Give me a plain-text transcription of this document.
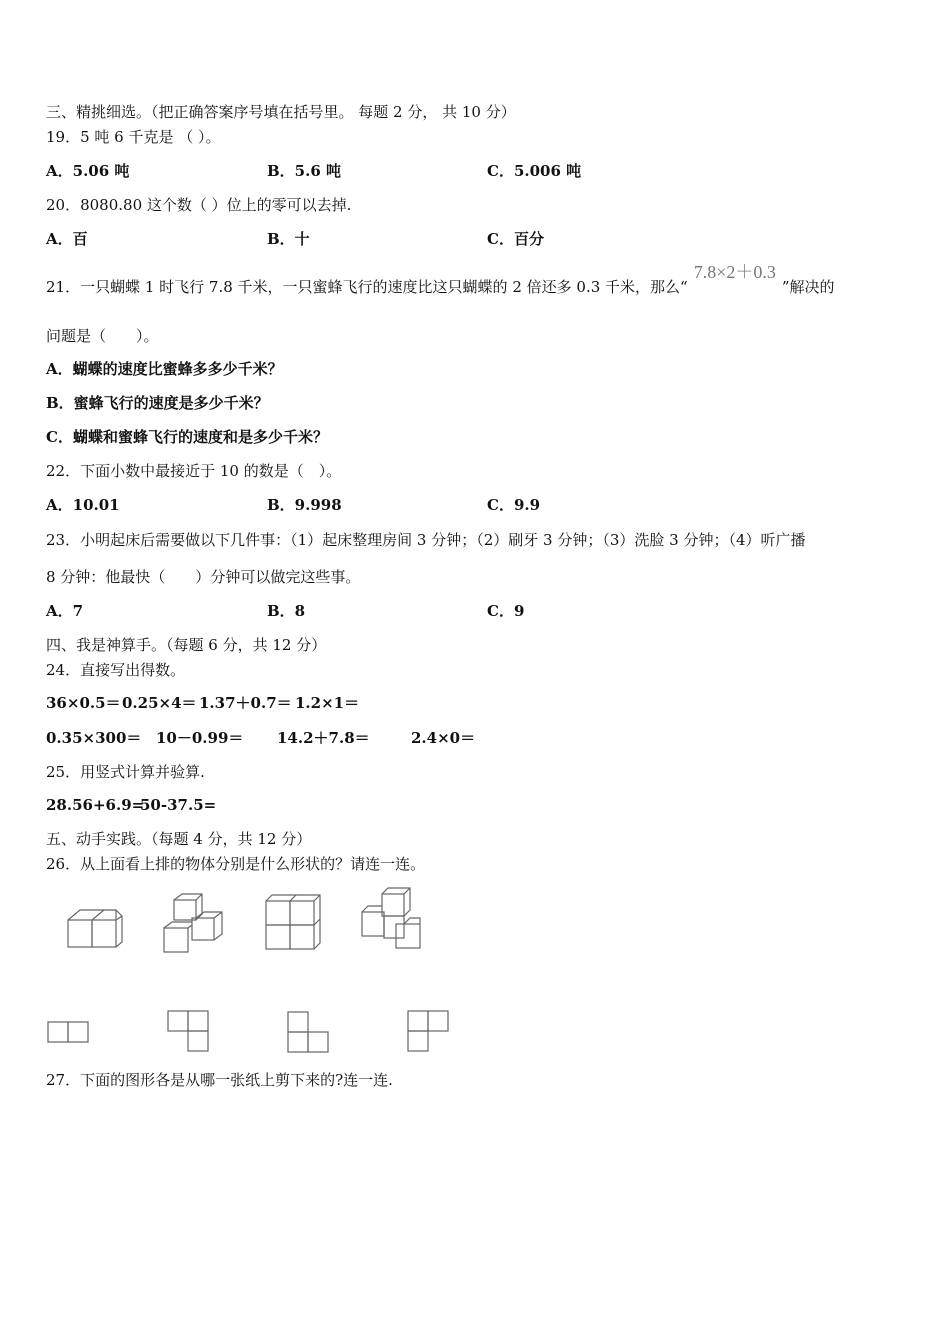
三、精挑细选。（把正确答案序号填在括号里。 每题 2 分， 共 10 分）
19．5 吨 6 千克是 （ ）。
A．5.06 吨	B．5.6 吨	C．5.006 吨
20．8080.80 这个数（ ）位上的零可以去掉.
A．百	B．十	C．百分
21．一只蝴蝶 1 时飞行 7.8 千米，一只蜜蜂飞行的速度比这只蝴蝶的 2 倍还多 0.3 千米，那么“7.8×2＋0.3”解决的
问题是（　　）。
A．蝴蝶的速度比蜜蜂多多少千米？
B．蜜蜂飞行的速度是多少千米？
C．蝴蝶和蜜蜂飞行的速度和是多少千米？
22．下面小数中最接近于 10 的数是（　）。
A．10.01	B．9.998	C．9.9
23．小明起床后需要做以下几件事：（1）起床整理房间 3 分钟；（2）刷牙 3 分钟；（3）洗脸 3 分钟；（4）听广播
8 分钟：他最快（　　）分钟可以做完这些事。
A．7	B．8	C．9
四、我是神算手。（每题 6 分，共 12 分）
24．直接写出得数。
36×0.5＝ 0.25×4＝ 1.37＋0.7＝ 1.2×1＝
0.35×300＝ 10－0.99＝ 14.2＋7.8＝	2.4×0＝
25．用竖式计算并验算.
28.56+6.9=
50-37.5=
五、动手实践。（每题 4 分，共 12 分）
26．从上面看上排的物体分别是什么形状的？请连一连。
27．下面的图形各是从哪一张纸上剪下来的?连一连.
